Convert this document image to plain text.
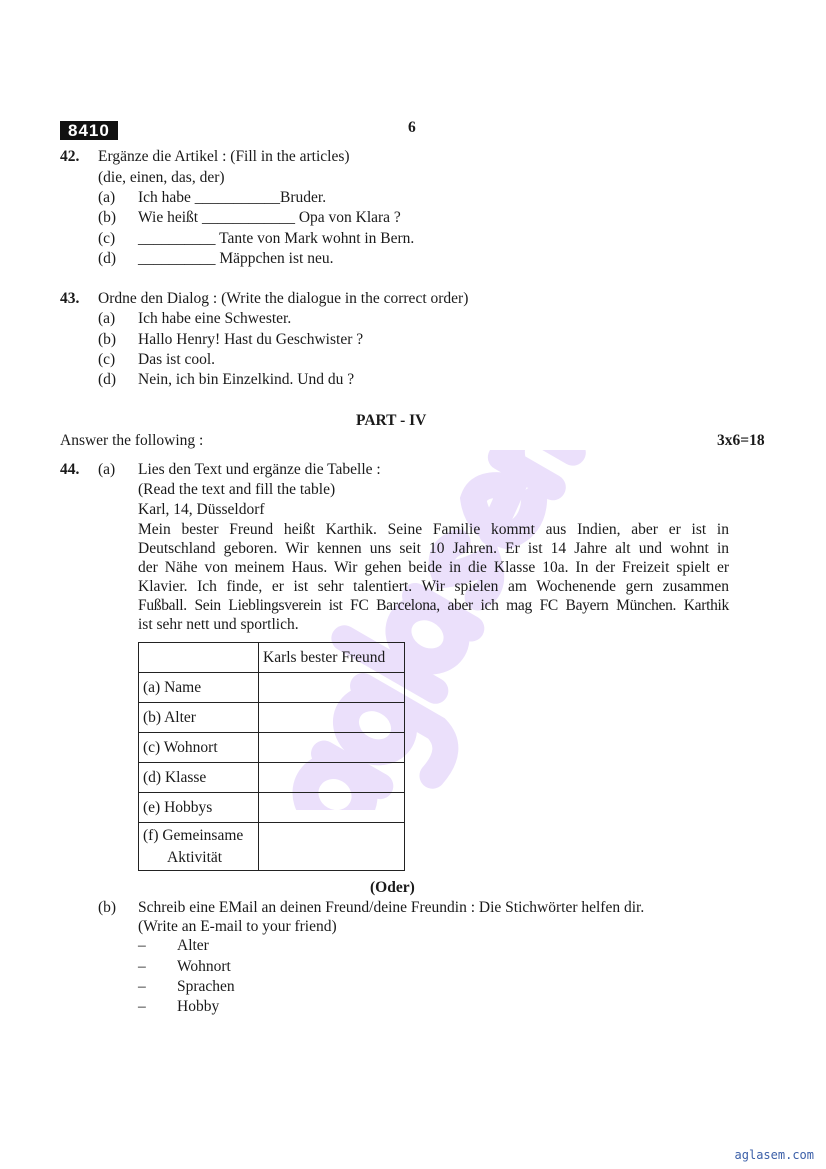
8410	6
42. Ergänze die Artikel : (Fill in the articles)
(die, einen, das, der)
(a) Ich habe ___________Bruder.
(b) Wie heißt ____________ Opa von Klara ?
(c) __________ Tante von Mark wohnt in Bern.
(d) __________ Mäppchen ist neu.
43. Ordne den Dialog : (Write the dialogue in the correct order)
(a) Ich habe eine Schwester.
(b) Hallo Henry! Hast du Geschwister ?
(c) Das ist cool.
(d) Nein, ich bin Einzelkind. Und du ?
PART - IV
Answer the following :	3x6=18
44. (a) Lies den Text und ergänze die Tabelle :
(Read the text and fill the table)
Karl, 14, Düsseldorf
Mein bester Freund heißt Karthik. Seine Familie kommt aus Indien, aber er ist in
Deutschland geboren. Wir kennen uns seit 10 Jahren. Er ist 14 Jahre alt und wohnt in
der Nähe von meinem Haus. Wir gehen beide in die Klasse 10a. In der Freizeit spielt er
Klavier. Ich finde, er ist sehr talentiert. Wir spielen am Wochenende gern zusammen
Fußball. Sein Lieblingsverein ist FC Barcelona, aber ich mag FC Bayern München. Karthik
ist sehr nett und sportlich.
	Karls bester Freund
(a) Name	
(b) Alter	
(c) Wohnort	
(d) Klasse	
(e) Hobbys	

(f) Gemeinsame
Aktivität	

(Oder)
(b) Schreib eine EMail an deinen Freund/deine Freundin : Die Stichwörter helfen dir.
(Write an E-mail to your friend)
– Alter
– Wohnort
– Sprachen
– Hobby
aglasem.com
